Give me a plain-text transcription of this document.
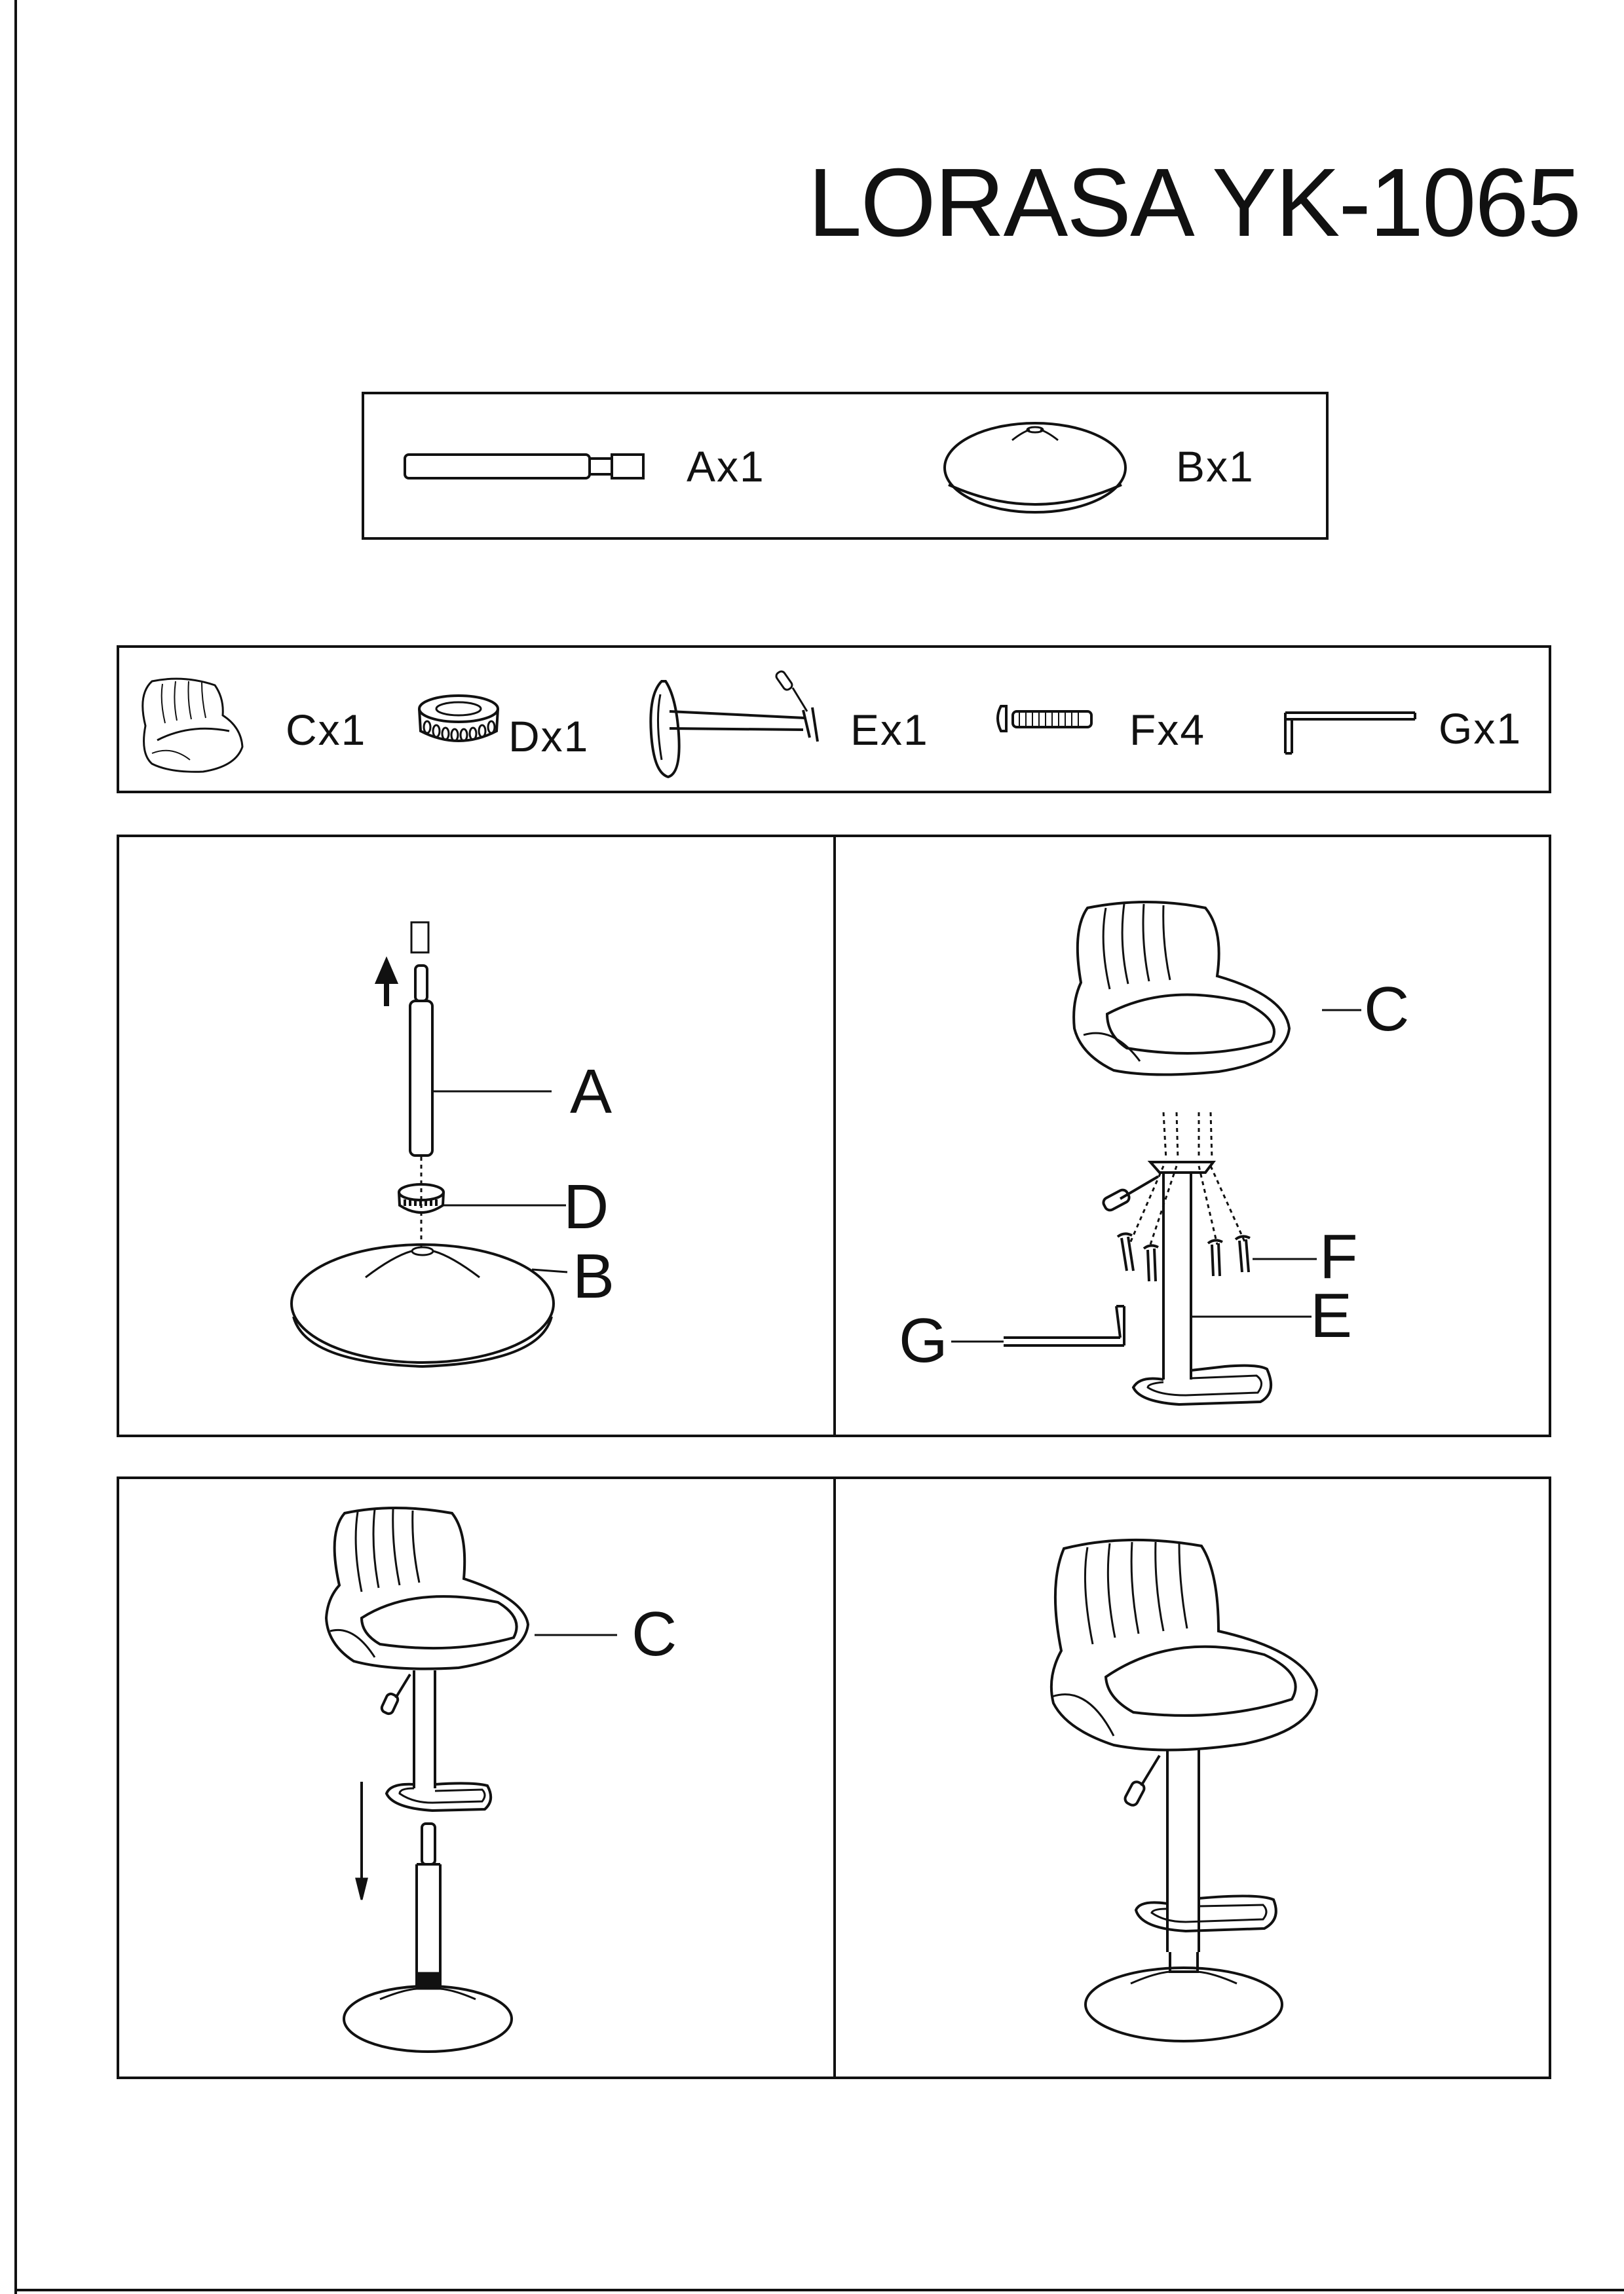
LORASA YK-1065
Ax1	Bx1
Cx1	Dx1	Ex1	Fx4	Gx1
A
D
B
C
F
E
G
C
